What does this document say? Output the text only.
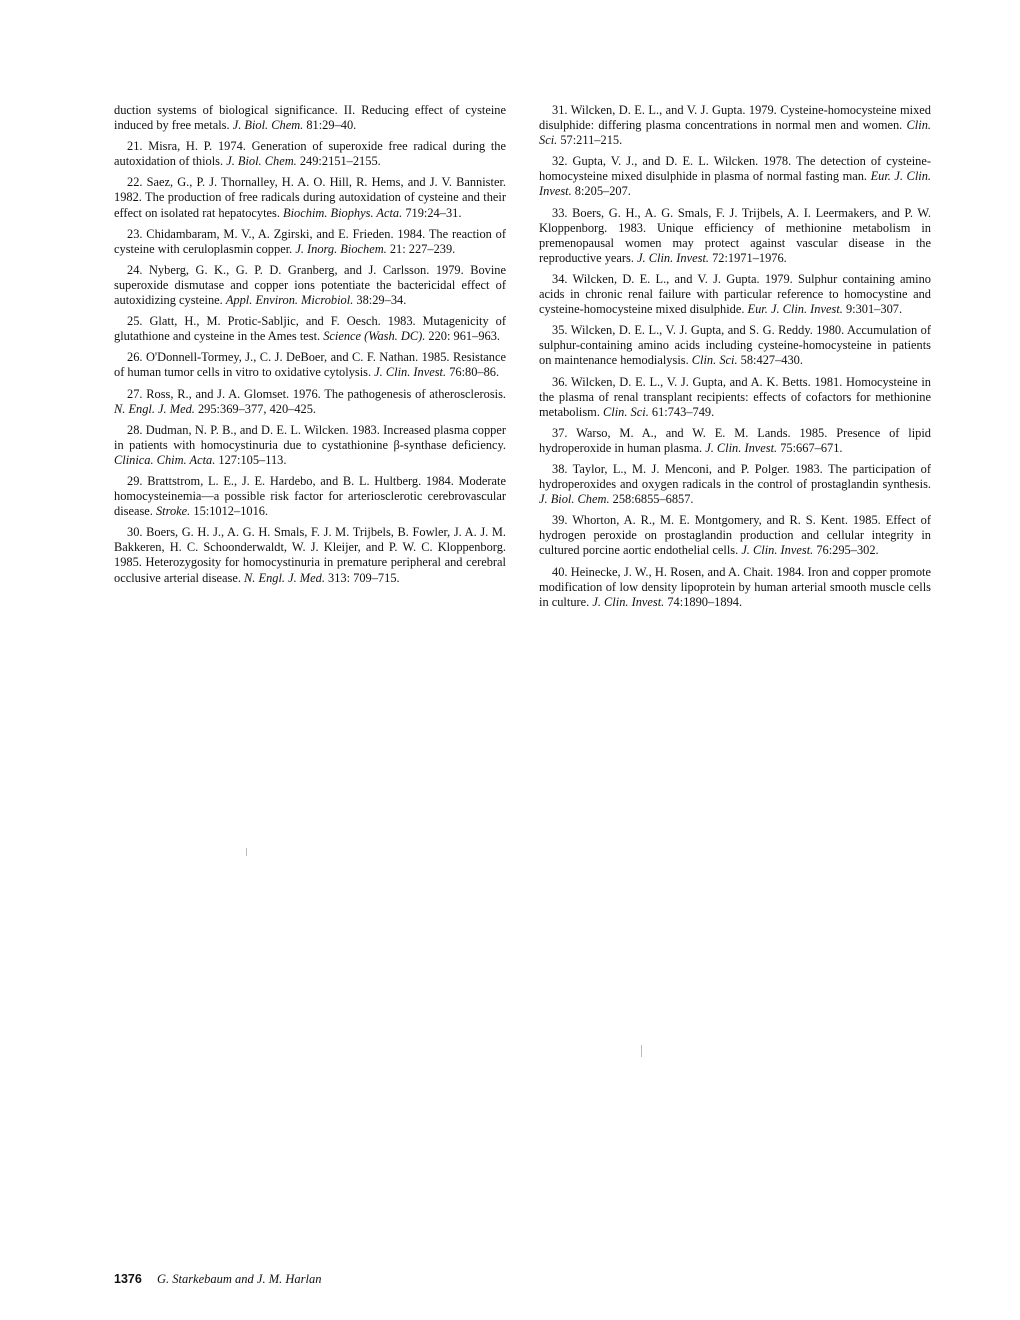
duction systems of biological significance. II. Reducing effect of cysteine induced by free metals. J. Biol. Chem. 81:29–40.

21. Misra, H. P. 1974. Generation of superoxide free radical during the autoxidation of thiols. J. Biol. Chem. 249:2151–2155.

22. Saez, G., P. J. Thornalley, H. A. O. Hill, R. Hems, and J. V. Bannister. 1982. The production of free radicals during autoxidation of cysteine and their effect on isolated rat hepatocytes. Biochim. Biophys. Acta. 719:24–31.

23. Chidambaram, M. V., A. Zgirski, and E. Frieden. 1984. The reaction of cysteine with ceruloplasmin copper. J. Inorg. Biochem. 21: 227–239.

24. Nyberg, G. K., G. P. D. Granberg, and J. Carlsson. 1979. Bovine superoxide dismutase and copper ions potentiate the bactericidal effect of autoxidizing cysteine. Appl. Environ. Microbiol. 38:29–34.

25. Glatt, H., M. Protic-Sabljic, and F. Oesch. 1983. Mutagenicity of glutathione and cysteine in the Ames test. Science (Wash. DC). 220: 961–963.

26. O'Donnell-Tormey, J., C. J. DeBoer, and C. F. Nathan. 1985. Resistance of human tumor cells in vitro to oxidative cytolysis. J. Clin. Invest. 76:80–86.

27. Ross, R., and J. A. Glomset. 1976. The pathogenesis of atherosclerosis. N. Engl. J. Med. 295:369–377, 420–425.

28. Dudman, N. P. B., and D. E. L. Wilcken. 1983. Increased plasma copper in patients with homocystinuria due to cystathionine β-synthase deficiency. Clinica. Chim. Acta. 127:105–113.

29. Brattstrom, L. E., J. E. Hardebo, and B. L. Hultberg. 1984. Moderate homocysteinemia—a possible risk factor for arteriosclerotic cerebrovascular disease. Stroke. 15:1012–1016.

30. Boers, G. H. J., A. G. H. Smals, F. J. M. Trijbels, B. Fowler, J. A. J. M. Bakkeren, H. C. Schoonderwaldt, W. J. Kleijer, and P. W. C. Kloppenborg. 1985. Heterozygosity for homocystinuria in premature peripheral and cerebral occlusive arterial disease. N. Engl. J. Med. 313: 709–715.

31. Wilcken, D. E. L., and V. J. Gupta. 1979. Cysteine-homocysteine mixed disulphide: differing plasma concentrations in normal men and women. Clin. Sci. 57:211–215.

32. Gupta, V. J., and D. E. L. Wilcken. 1978. The detection of cysteine-homocysteine mixed disulphide in plasma of normal fasting man. Eur. J. Clin. Invest. 8:205–207.

33. Boers, G. H., A. G. Smals, F. J. Trijbels, A. I. Leermakers, and P. W. Kloppenborg. 1983. Unique efficiency of methionine metabolism in premenopausal women may protect against vascular disease in the reproductive years. J. Clin. Invest. 72:1971–1976.

34. Wilcken, D. E. L., and V. J. Gupta. 1979. Sulphur containing amino acids in chronic renal failure with particular reference to homocystine and cysteine-homocysteine mixed disulphide. Eur. J. Clin. Invest. 9:301–307.

35. Wilcken, D. E. L., V. J. Gupta, and S. G. Reddy. 1980. Accumulation of sulphur-containing amino acids including cysteine-homocysteine in patients on maintenance hemodialysis. Clin. Sci. 58:427–430.

36. Wilcken, D. E. L., V. J. Gupta, and A. K. Betts. 1981. Homocysteine in the plasma of renal transplant recipients: effects of cofactors for methionine metabolism. Clin. Sci. 61:743–749.

37. Warso, M. A., and W. E. M. Lands. 1985. Presence of lipid hydroperoxide in human plasma. J. Clin. Invest. 75:667–671.

38. Taylor, L., M. J. Menconi, and P. Polger. 1983. The participation of hydroperoxides and oxygen radicals in the control of prostaglandin synthesis. J. Biol. Chem. 258:6855–6857.

39. Whorton, A. R., M. E. Montgomery, and R. S. Kent. 1985. Effect of hydrogen peroxide on prostaglandin production and cellular integrity in cultured porcine aortic endothelial cells. J. Clin. Invest. 76:295–302.

40. Heinecke, J. W., H. Rosen, and A. Chait. 1984. Iron and copper promote modification of low density lipoprotein by human arterial smooth muscle cells in culture. J. Clin. Invest. 74:1890–1894.

1376 G. Starkebaum and J. M. Harlan
